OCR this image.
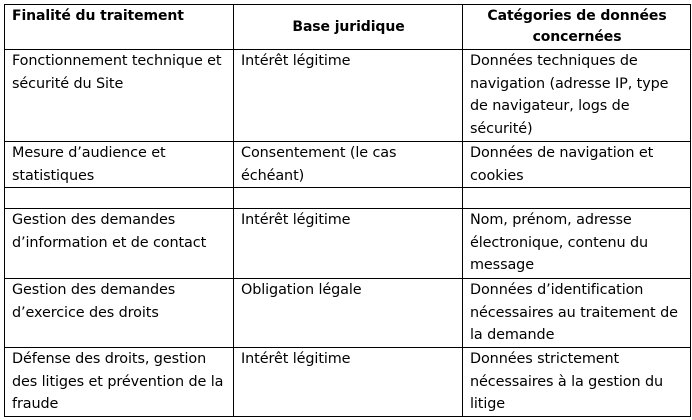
Finalité du traitement	Base juridique	Catégories de données concernées
Fonctionnement technique et sécurité du Site	Intérêt légitime	Données techniques de navigation (adresse IP, type de navigateur, logs de sécurité)
Mesure d’audience et statistiques	Consentement (le cas échéant)	Données de navigation et cookies

Gestion des demandes d’information et de contact	Intérêt légitime	Nom, prénom, adresse électronique, contenu du message
Gestion des demandes d’exercice des droits	Obligation légale	Données d’identification nécessaires au traitement de la demande
Défense des droits, gestion des litiges et prévention de la fraude	Intérêt légitime	Données strictement nécessaires à la gestion du litige
